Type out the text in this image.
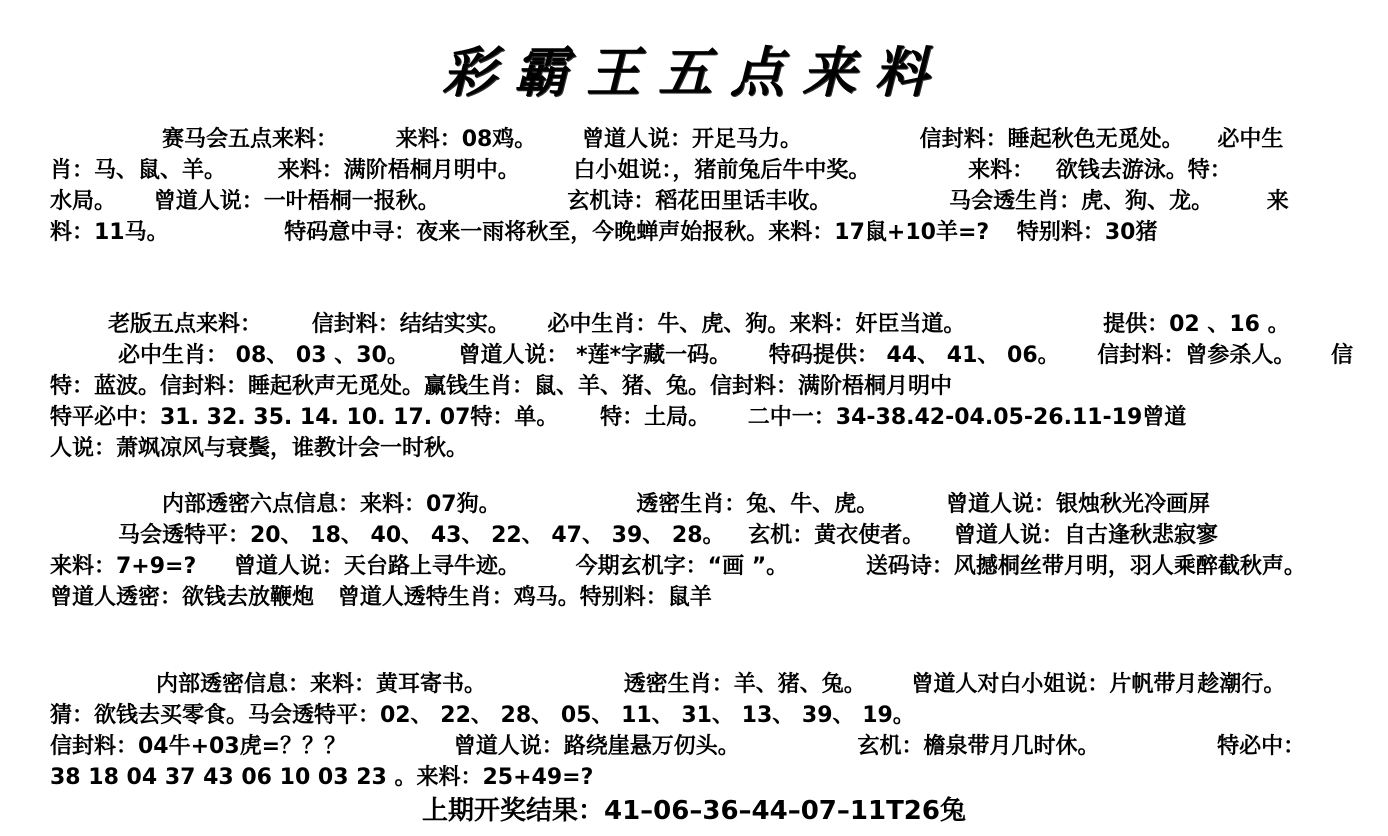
彩霸王五点来料
赛马会五点来料：	来料：08鸡。 曾道人说：开足马力。	信封料：睡起秋色无觅处。 必中生
肖：马、鼠、羊。 来料：满阶梧桐月明中。 白小姐说：，猪前兔后牛中奖。	来料： 欲钱去游泳。特：
水局。 曾道人说：一叶梧桐一报秋。	玄机诗：稻花田里话丰收。	马会透生肖：虎、狗、龙。 来
料：11马。	特码意中寻：夜来一雨将秋至，今晚蝉声始报秋。来料：17鼠+10羊=? 特别料：30猪
老版五点来料： 信封料：结结实实。 必中生肖：牛、虎、狗。来料：奸臣当道。	提供：02 、16 。
必中生肖： 08、 03 、30。 曾道人说： *莲*字藏一码。 特码提供： 44、 41、 06。 信封料：曾参杀人。 信
特：蓝波。信封料：睡起秋声无觅处。赢钱生肖：鼠、羊、猪、兔。信封料：满阶梧桐月明中
特平必中：31. 32. 35. 14. 10. 17. 07特：单。 特：土局。 二中一：34-38.42-04.05-26.11-19曾道
人说：萧飒凉风与衰鬓，谁教计会一时秋。
内部透密六点信息：来料：07狗。	透密生肖：兔、牛、虎。	曾道人说：银烛秋光冷画屏
马会透特平：20、 18、 40、 43、 22、 47、 39、 28。 玄机：黄衣使者。 曾道人说：自古逢秋悲寂寥
来料：7+9=? 曾道人说：天台路上寻牛迹。	今期玄机字：“画 ”。	送码诗：风撼桐丝带月明，羽人乘醉截秋声。
曾道人透密：欲钱去放鞭炮 曾道人透特生肖：鸡马。特别料：鼠羊
内部透密信息：来料：黄耳寄书。	透密生肖：羊、猪、兔。 曾道人对白小姐说：片帆带月趁潮行。
猜：欲钱去买零食。马会透特平：02、 22、 28、 05、 11、 31、 13、 39、 19。
信封料：04牛+03虎=？？？	曾道人说：路绕崖悬万仞头。	玄机：檐泉带月几时休。	特必中：
38 18 04 37 43 06 10 03 23 。来料：25+49=?
上期开奖结果：41–06–36–44–07–11T26兔
